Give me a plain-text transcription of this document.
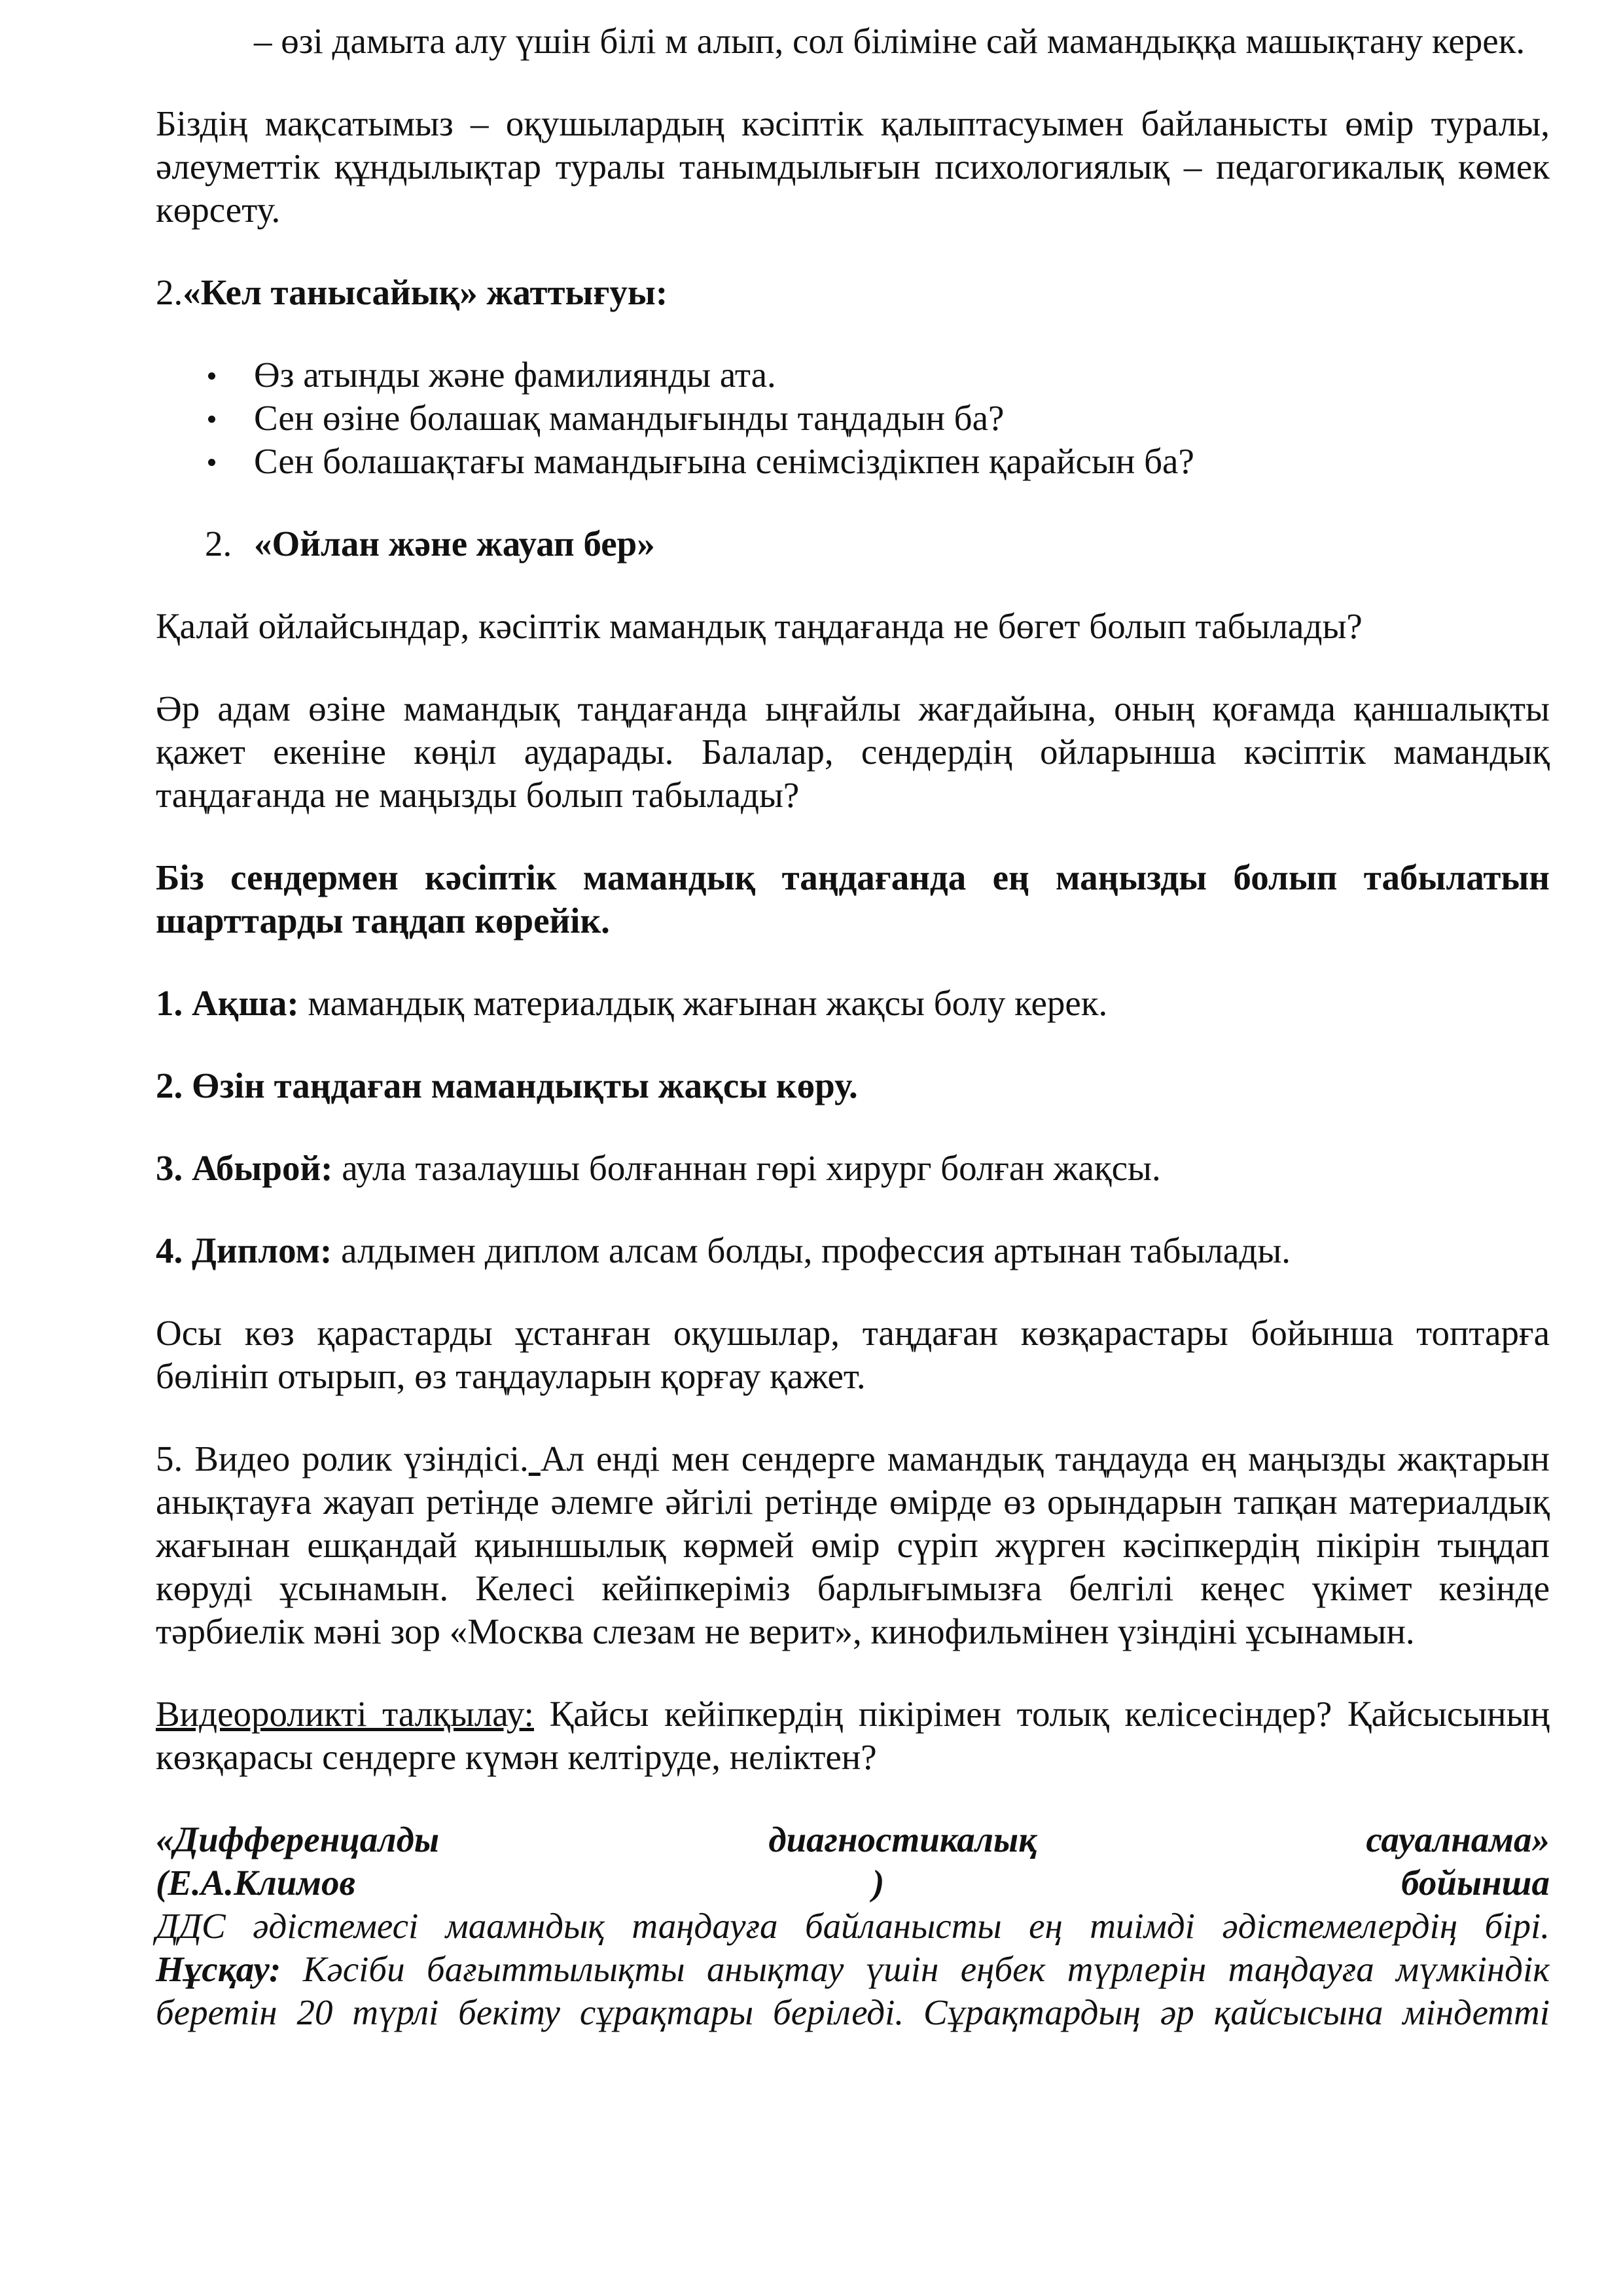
– өзі дамыта алу үшін білі м алып, сол біліміне сай мамандыққа машықтану керек.

Біздің мақсатымыз – оқушылардың кәсіптік қалыптасуымен байланысты өмір туралы, әлеуметтік құндылықтар туралы танымдылығын психологиялық – педагогикалық көмек көрсету.

2.«Кел танысайық» жаттығуы:

Өз атынды және фамилиянды ата.
Сен өзіне болашақ мамандығынды таңдадын ба?
Сен болашақтағы мамандығына сенімсіздікпен қарайсын ба?

2. «Ойлан және жауап бер»

Қалай ойлайсындар, кәсіптік мамандық таңдағанда не бөгет болып табылады?

Әр адам өзіне мамандық таңдағанда ыңғайлы жағдайына, оның қоғамда қаншалықты қажет екеніне көңіл аударады. Балалар, сендердің ойларынша кәсіптік мамандық таңдағанда не маңызды болып табылады?

Біз сендермен кәсіптік мамандық таңдағанда ең маңызды болып табылатын шарттарды таңдап көрейік.

1. Ақша: мамандық материалдық жағынан жақсы болу керек.

2. Өзін таңдаған мамандықты жақсы көру.

3. Абырой: аула тазалаушы болғаннан гөрі хирург болған жақсы.

4. Диплом: алдымен диплом алсам болды, профессия артынан табылады.

Осы көз қарастарды ұстанған оқушылар, таңдаған көзқарастары бойынша топтарға бөлініп отырып, өз таңдауларын қорғау қажет.

5. Видео ролик үзіндісі. Ал енді мен сендерге мамандық таңдауда ең маңызды жақтарын анықтауға жауап ретінде әлемге әйгілі ретінде өмірде өз орындарын тапқан материалдық жағынан ешқандай қиыншылық көрмей өмір сүріп жүрген кәсіпкердің пікірін тыңдап көруді ұсынамын. Келесі кейіпкеріміз барлығымызға белгілі кеңес үкімет кезінде тәрбиелік мәні зор «Москва слезам не верит», кинофильмінен үзіндіні ұсынамын.

Видеороликті талқылау: Қайсы кейіпкердің пікірімен толық келісесіндер? Қайсысының көзқарасы сендерге күмән келтіруде, неліктен?

«Дифференцалды	диагностикалық	сауалнама»
(Е.А.Климов	)	бойынша

ДДС әдістемесі маамндық таңдауға байланысты ең тиімді әдістемелердің бірі.

Нұсқау: Кәсіби бағыттылықты анықтау үшін еңбек түрлерін таңдауға мүмкіндік беретін 20 түрлі бекіту сұрақтары беріледі. Сұрақтардың әр қайсысына міндетті
